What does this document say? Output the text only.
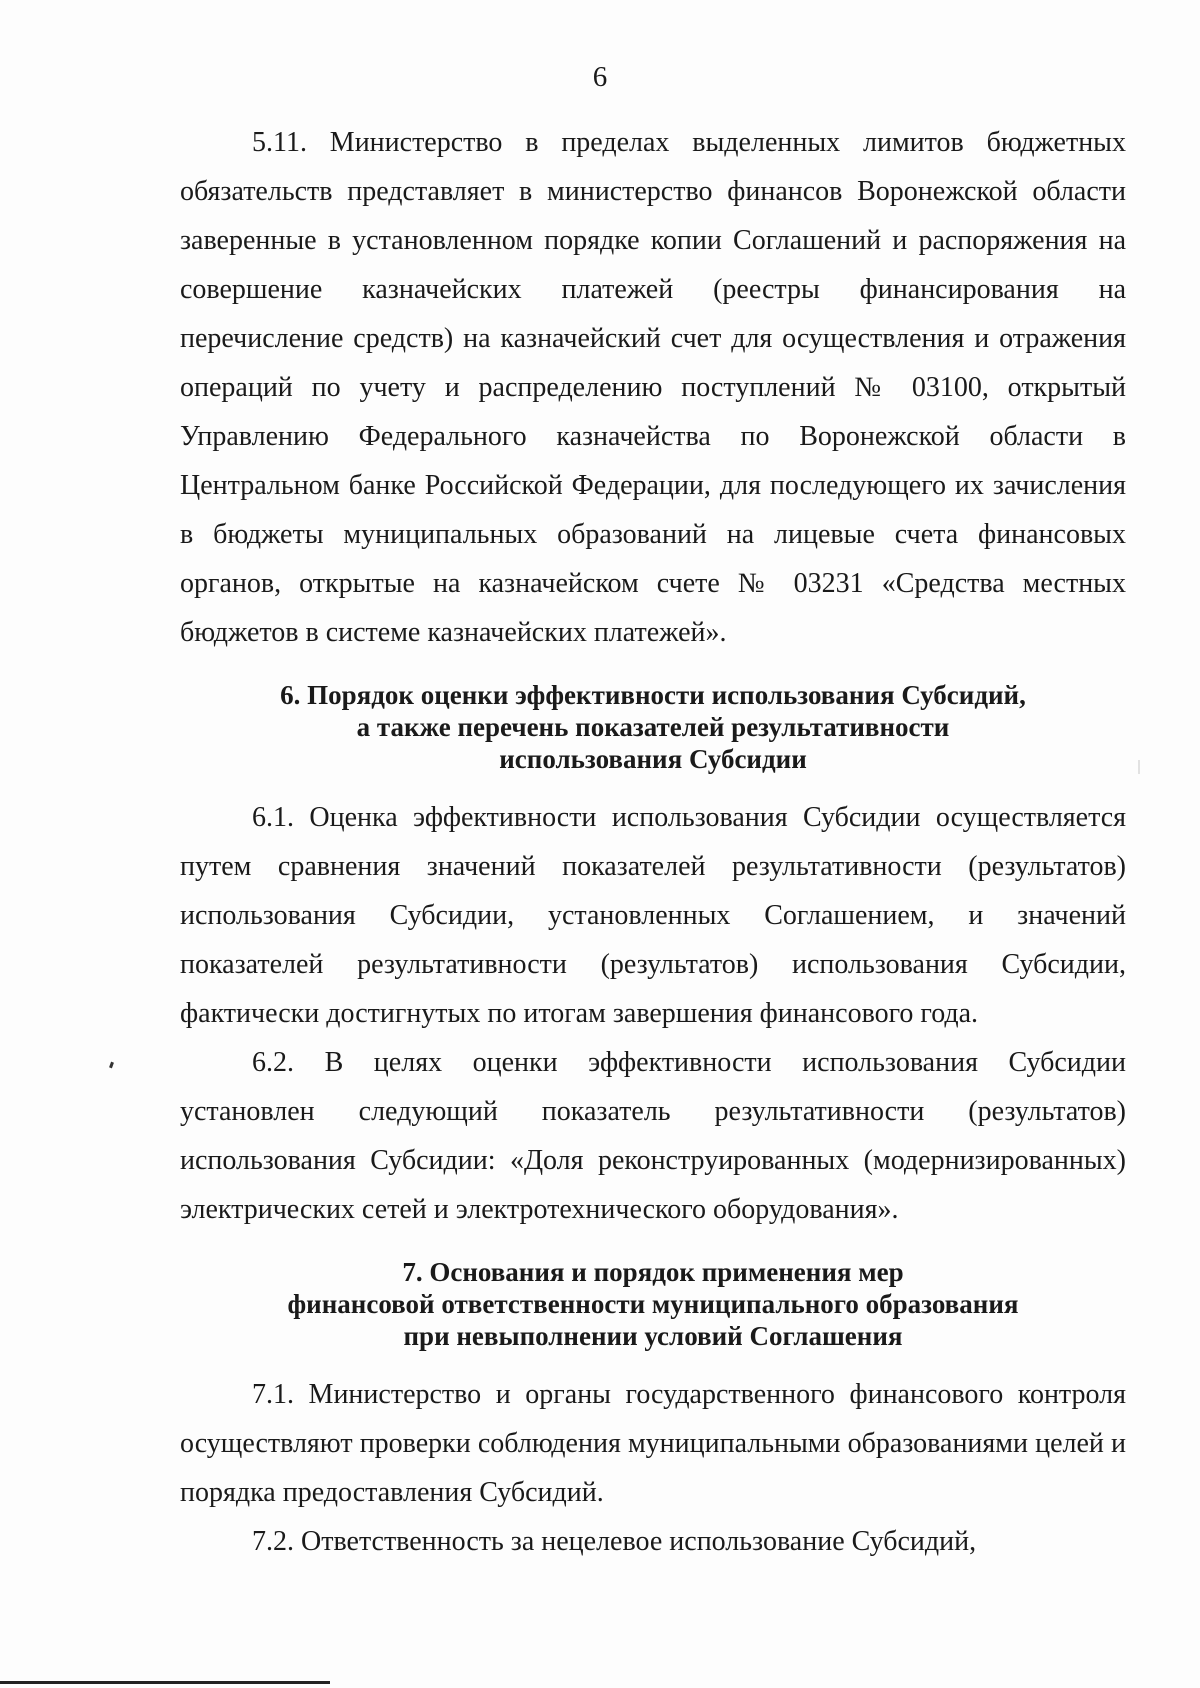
6

5.11. Министерство в пределах выделенных лимитов бюджетных обязательств представляет в министерство финансов Воронежской области заверенные в установленном порядке копии Соглашений и распоряжения на совершение казначейских платежей (реестры финансирования на перечисление средств) на казначейский счет для осуществления и отражения операций по учету и распределению поступлений № 03100, открытый Управлению Федерального казначейства по Воронежской области в Центральном банке Российской Федерации, для последующего их зачисления в бюджеты муниципальных образований на лицевые счета финансовых органов, открытые на казначейском счете № 03231 «Средства местных бюджетов в системе казначейских платежей».

6. Порядок оценки эффективности использования Субсидий,

а также перечень показателей результативности

использования Субсидии

6.1. Оценка эффективности использования Субсидии осуществляется путем сравнения значений показателей результативности (результатов) использования Субсидии, установленных Соглашением, и значений показателей результативности (результатов) использования Субсидии, фактически достигнутых по итогам завершения финансового года.

6.2. В целях оценки эффективности использования Субсидии установлен следующий показатель результативности (результатов) использования Субсидии: «Доля реконструированных (модернизированных) электрических сетей и электротехнического оборудования».

7. Основания и порядок применения мер

финансовой ответственности муниципального образования

при невыполнении условий Соглашения

7.1. Министерство и органы государственного финансового контроля осуществляют проверки соблюдения муниципальными образованиями целей и порядка предоставления Субсидий.

7.2. Ответственность за нецелевое использование Субсидий,
